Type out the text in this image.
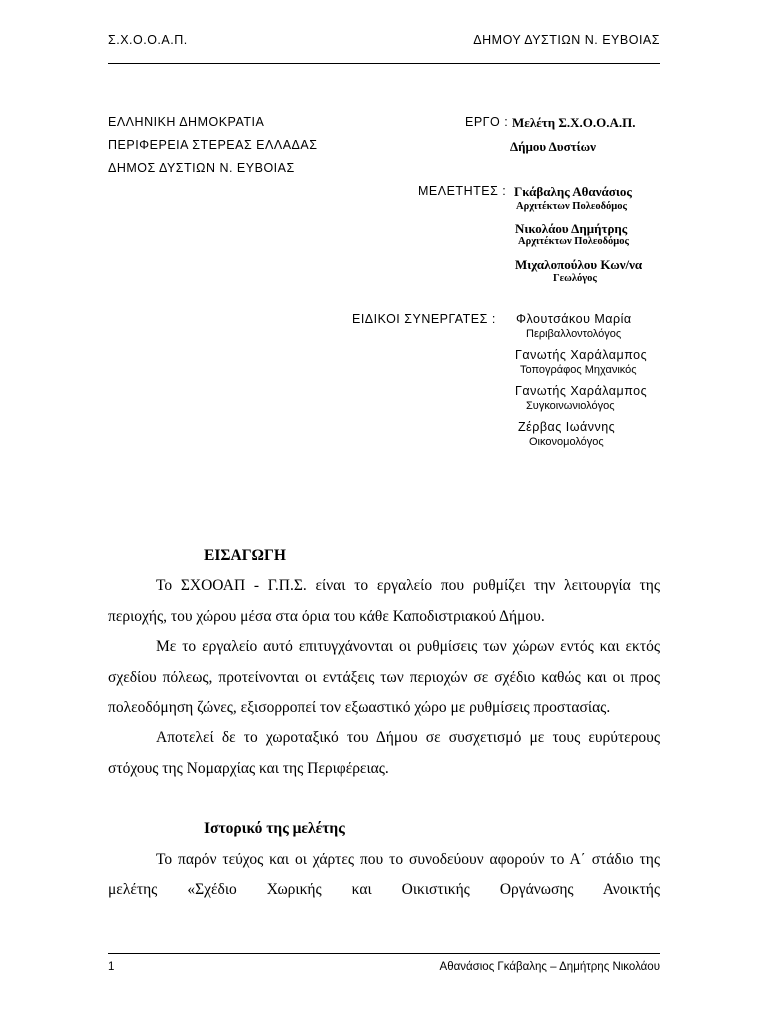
Σ.Χ.Ο.Ο.Α.Π.	ΔΗΜΟΥ ΔΥΣΤΙΩΝ Ν. ΕΥΒΟΙΑΣ
ΕΛΛΗΝΙΚΗ ΔΗΜΟΚΡΑΤΙΑ
ΠΕΡΙΦΕΡΕΙΑ ΣΤΕΡΕΑΣ ΕΛΛΑΔΑΣ
ΔΗΜΟΣ ΔΥΣΤΙΩΝ Ν. ΕΥΒΟΙΑΣ
ΕΡΓΟ : Μελέτη Σ.Χ.Ο.Ο.Α.Π.
Δήμου Δυστίων
ΜΕΛΕΤΗΤΕΣ : Γκάβαλης Αθανάσιος
Αρχιτέκτων Πολεοδόμος
Νικολάου Δημήτρης
Αρχιτέκτων Πολεοδόμος
Μιχαλοπούλου Κων/να
Γεωλόγος
ΕΙΔΙΚΟΙ ΣΥΝΕΡΓΑΤΕΣ : Φλουτσάκου Μαρία
Περιβαλλοντολόγος
Γανωτής Χαράλαμπος
Τοπογράφος Μηχανικός
Γανωτής Χαράλαμπος
Συγκοινωνιολόγος
Ζέρβας Ιωάννης
Οικονομολόγος

ΕΙΣΑΓΩΓΗ

Το ΣΧΟΟΑΠ - Γ.Π.Σ. είναι το εργαλείο που ρυθμίζει την λειτουργία της περιοχής, του χώρου μέσα στα όρια του κάθε Καποδιστριακού Δήμου.

Με το εργαλείο αυτό επιτυγχάνονται οι ρυθμίσεις των χώρων εντός και εκτός σχεδίου πόλεως, προτείνονται οι εντάξεις των περιοχών σε σχέδιο καθώς και οι προς πολεοδόμηση ζώνες, εξισορροπεί τον εξωαστικό χώρο με ρυθμίσεις προστασίας.

Αποτελεί δε το χωροταξικό του Δήμου σε συσχετισμό με τους ευρύτερους στόχους της Νομαρχίας και της Περιφέρειας.

Ιστορικό της μελέτης

Το παρόν τεύχος και οι χάρτες που το συνοδεύουν αφορούν το Α΄ στάδιο της μελέτης «Σχέδιο Χωρικής και Οικιστικής Οργάνωσης Ανοικτής

1	Αθανάσιος Γκάβαλης – Δημήτρης Νικολάου
